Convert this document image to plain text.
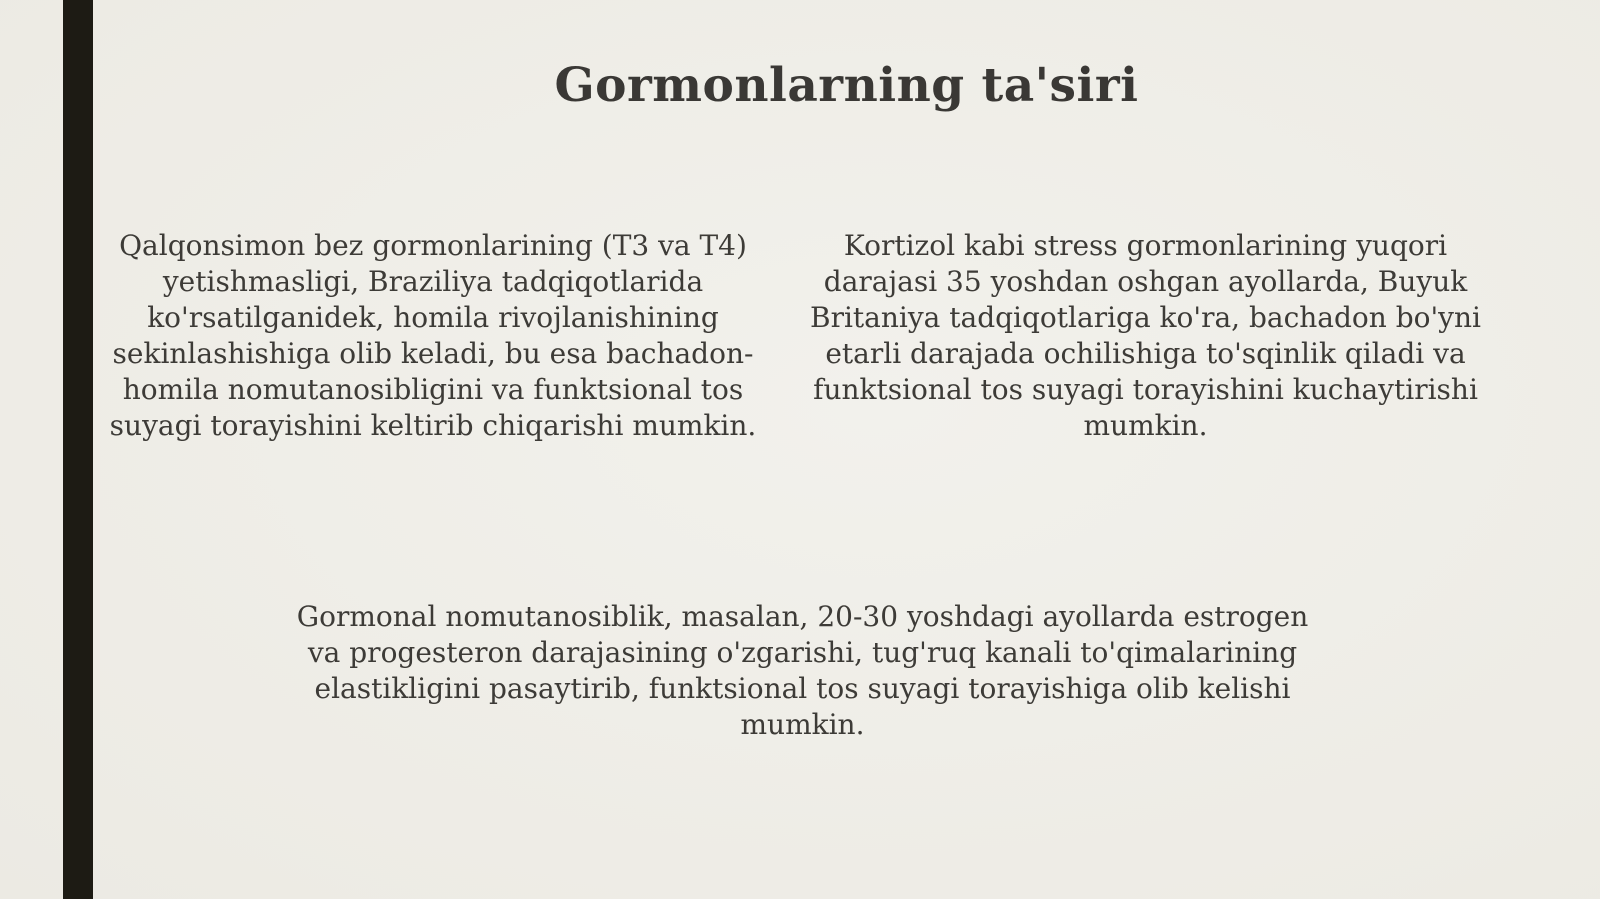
Gormonlarning ta'siri

Qalqonsimon bez gormonlarining (T3 va T4) yetishmasligi, Braziliya tadqiqotlarida ko'rsatilganidek, homila rivojlanishining sekinlashishiga olib keladi, bu esa bachadon-homila nomutanosibligini va funktsional tos suyagi torayishini keltirib chiqarishi mumkin.

Kortizol kabi stress gormonlarining yuqori darajasi 35 yoshdan oshgan ayollarda, Buyuk Britaniya tadqiqotlariga ko'ra, bachadon bo'yni etarli darajada ochilishiga to'sqinlik qiladi va funktsional tos suyagi torayishini kuchaytirishi mumkin.

Gormonal nomutanosiblik, masalan, 20-30 yoshdagi ayollarda estrogen va progesteron darajasining o'zgarishi, tug'ruq kanali to'qimalarining elastikligini pasaytirib, funktsional tos suyagi torayishiga olib kelishi mumkin.
